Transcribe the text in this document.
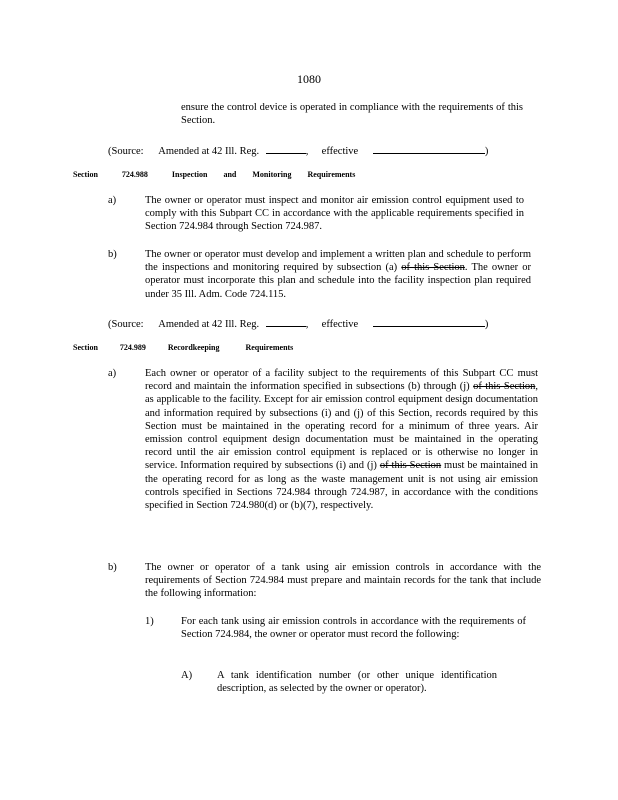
1080
ensure the control device is operated in compliance with the requirements of this Section.
(Source: Amended at 42 Ill. Reg.	, effective	)
Section	724.988	Inspection and Monitoring Requirements
a)	The owner or operator must inspect and monitor air emission control equipment used to comply with this Subpart CC in accordance with the applicable requirements specified in Section 724.984 through Section 724.987.
b)	The owner or operator must develop and implement a written plan and schedule to perform the inspections and monitoring required by subsection (a) of this Section. The owner or operator must incorporate this plan and schedule into the facility inspection plan required under 35 Ill. Adm. Code 724.115.
(Source: Amended at 42 Ill. Reg.	, effective	)
Section	724.989	Recordkeeping Requirements
a)	Each owner or operator of a facility subject to the requirements of this Subpart CC must record and maintain the information specified in subsections (b) through (j) of this Section, as applicable to the facility. Except for air emission control equipment design documentation and information required by subsections (i) and (j) of this Section, records required by this Section must be maintained in the operating record for a minimum of three years. Air emission control equipment design documentation must be maintained in the operating record until the air emission control equipment is replaced or is otherwise no longer in service. Information required by subsections (i) and (j) of this Section must be maintained in the operating record for as long as the waste management unit is not using air emission controls specified in Sections 724.984 through 724.987, in accordance with the conditions specified in Section 724.980(d) or (b)(7), respectively.
b)	The owner or operator of a tank using air emission controls in accordance with the requirements of Section 724.984 must prepare and maintain records for the tank that include the following information:
1)	For each tank using air emission controls in accordance with the requirements of Section 724.984, the owner or operator must record the following:
A) A tank identification number (or other unique identification description, as selected by the owner or operator).
